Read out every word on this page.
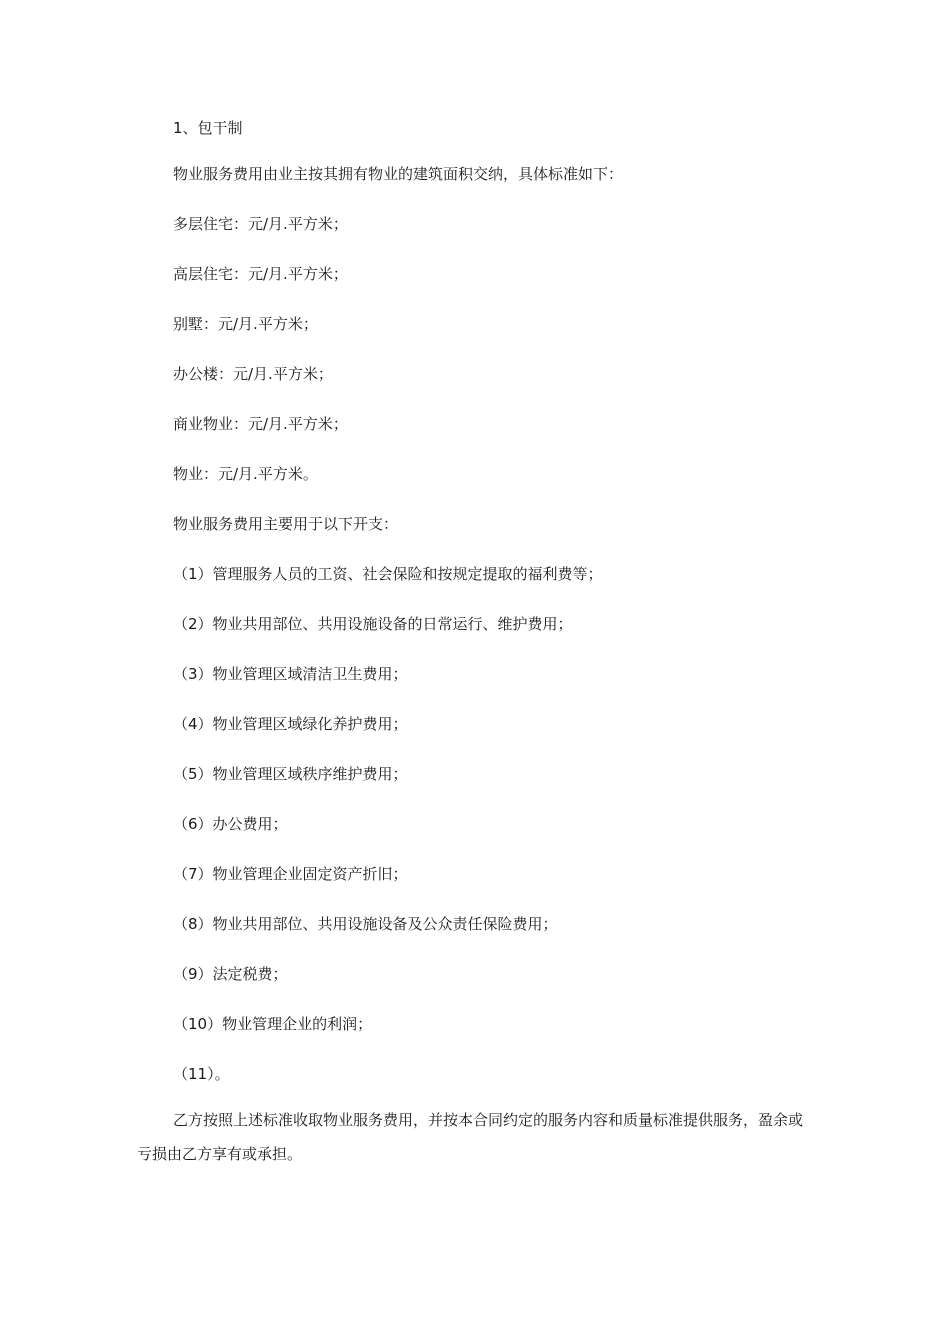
1、包干制
物业服务费用由业主按其拥有物业的建筑面积交纳，具体标准如下：
多层住宅：元/月.平方米；
高层住宅：元/月.平方米；
别墅：元/月.平方米；
办公楼：元/月.平方米；
商业物业：元/月.平方米；
物业：元/月.平方米。
物业服务费用主要用于以下开支：
（1）管理服务人员的工资、社会保险和按规定提取的福利费等；
（2）物业共用部位、共用设施设备的日常运行、维护费用；
（3）物业管理区域清洁卫生费用；
（4）物业管理区域绿化养护费用；
（5）物业管理区域秩序维护费用；
（6）办公费用；
（7）物业管理企业固定资产折旧；
（8）物业共用部位、共用设施设备及公众责任保险费用；
（9）法定税费；
（10）物业管理企业的利润；
（11）。
乙方按照上述标准收取物业服务费用，并按本合同约定的服务内容和质量标准提供服务，盈余或亏损由乙方享有或承担。
